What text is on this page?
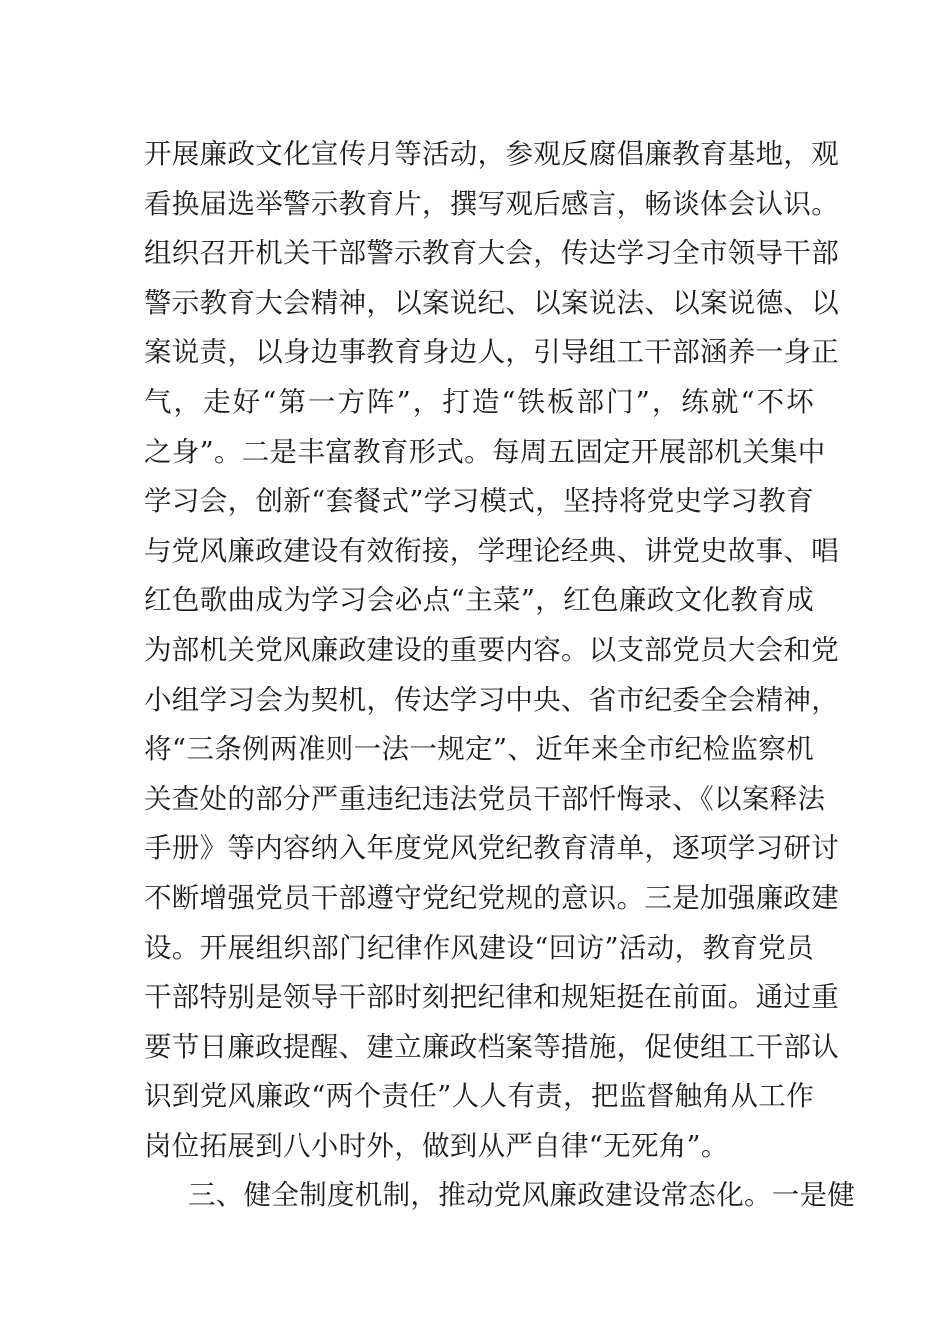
开展廉政文化宣传月等活动，参观反腐倡廉教育基地，观
看换届选举警示教育片，撰写观后感言，畅谈体会认识。
组织召开机关干部警示教育大会，传达学习全市领导干部
警示教育大会精神，以案说纪、以案说法、以案说德、以
案说责，以身边事教育身边人，引导组工干部涵养一身正
气，走好“第一方阵”，打造“铁板部门”，练就“不坏
之身”。二是丰富教育形式。每周五固定开展部机关集中
学习会，创新“套餐式”学习模式，坚持将党史学习教育
与党风廉政建设有效衔接，学理论经典、讲党史故事、唱
红色歌曲成为学习会必点“主菜”，红色廉政文化教育成
为部机关党风廉政建设的重要内容。以支部党员大会和党
小组学习会为契机，传达学习中央、省市纪委全会精神，
将“三条例两准则一法一规定”、近年来全市纪检监察机
关查处的部分严重违纪违法党员干部忏悔录、《以案释法
手册》等内容纳入年度党风党纪教育清单，逐项学习研讨
不断增强党员干部遵守党纪党规的意识。三是加强廉政建
设。开展组织部门纪律作风建设“回访”活动，教育党员
干部特别是领导干部时刻把纪律和规矩挺在前面。通过重
要节日廉政提醒、建立廉政档案等措施，促使组工干部认
识到党风廉政“两个责任”人人有责，把监督触角从工作
岗位拓展到八小时外，做到从严自律“无死角”。
三、健全制度机制，推动党风廉政建设常态化。一是健
